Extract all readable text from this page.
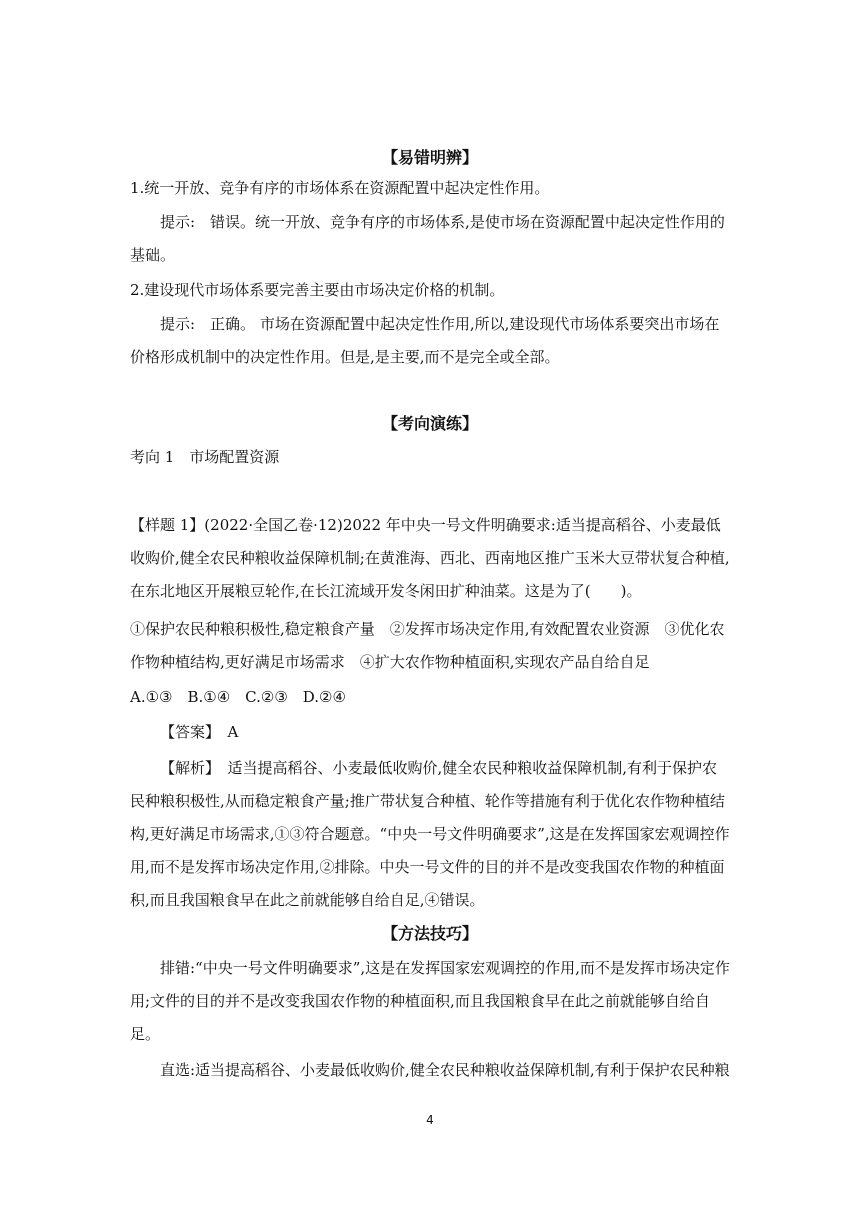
【易错明辨】

1.统一开放、竞争有序的市场体系在资源配置中起决定性作用。

提示:　错误。统一开放、竞争有序的市场体系,是使市场在资源配置中起决定性作用的基础。

2.建设现代市场体系要完善主要由市场决定价格的机制。

提示:　正确。 市场在资源配置中起决定性作用,所以,建设现代市场体系要突出市场在价格形成机制中的决定性作用。但是,是主要,而不是完全或全部。

【考向演练】

考向 1　市场配置资源

【样题 1】(2022·全国乙卷·12)2022 年中央一号文件明确要求:适当提高稻谷、小麦最低收购价,健全农民种粮收益保障机制;在黄淮海、西北、西南地区推广玉米大豆带状复合种植,在东北地区开展粮豆轮作,在长江流域开发冬闲田扩种油菜。这是为了(　　)。

①保护农民种粮积极性,稳定粮食产量　②发挥市场决定作用,有效配置农业资源　③优化农作物种植结构,更好满足市场需求　④扩大农作物种植面积,实现农产品自给自足

A.①③　B.①④　C.②③　D.②④

【答案】　A

【解析】　适当提高稻谷、小麦最低收购价,健全农民种粮收益保障机制,有利于保护农民种粮积极性,从而稳定粮食产量;推广带状复合种植、轮作等措施有利于优化农作物种植结构,更好满足市场需求,①③符合题意。“中央一号文件明确要求”,这是在发挥国家宏观调控作用,而不是发挥市场决定作用,②排除。中央一号文件的目的并不是改变我国农作物的种植面积,而且我国粮食早在此之前就能够自给自足,④错误。

【方法技巧】

排错:“中央一号文件明确要求”,这是在发挥国家宏观调控的作用,而不是发挥市场决定作用;文件的目的并不是改变我国农作物的种植面积,而且我国粮食早在此之前就能够自给自足。

直选:适当提高稻谷、小麦最低收购价,健全农民种粮收益保障机制,有利于保护农民种粮

4
